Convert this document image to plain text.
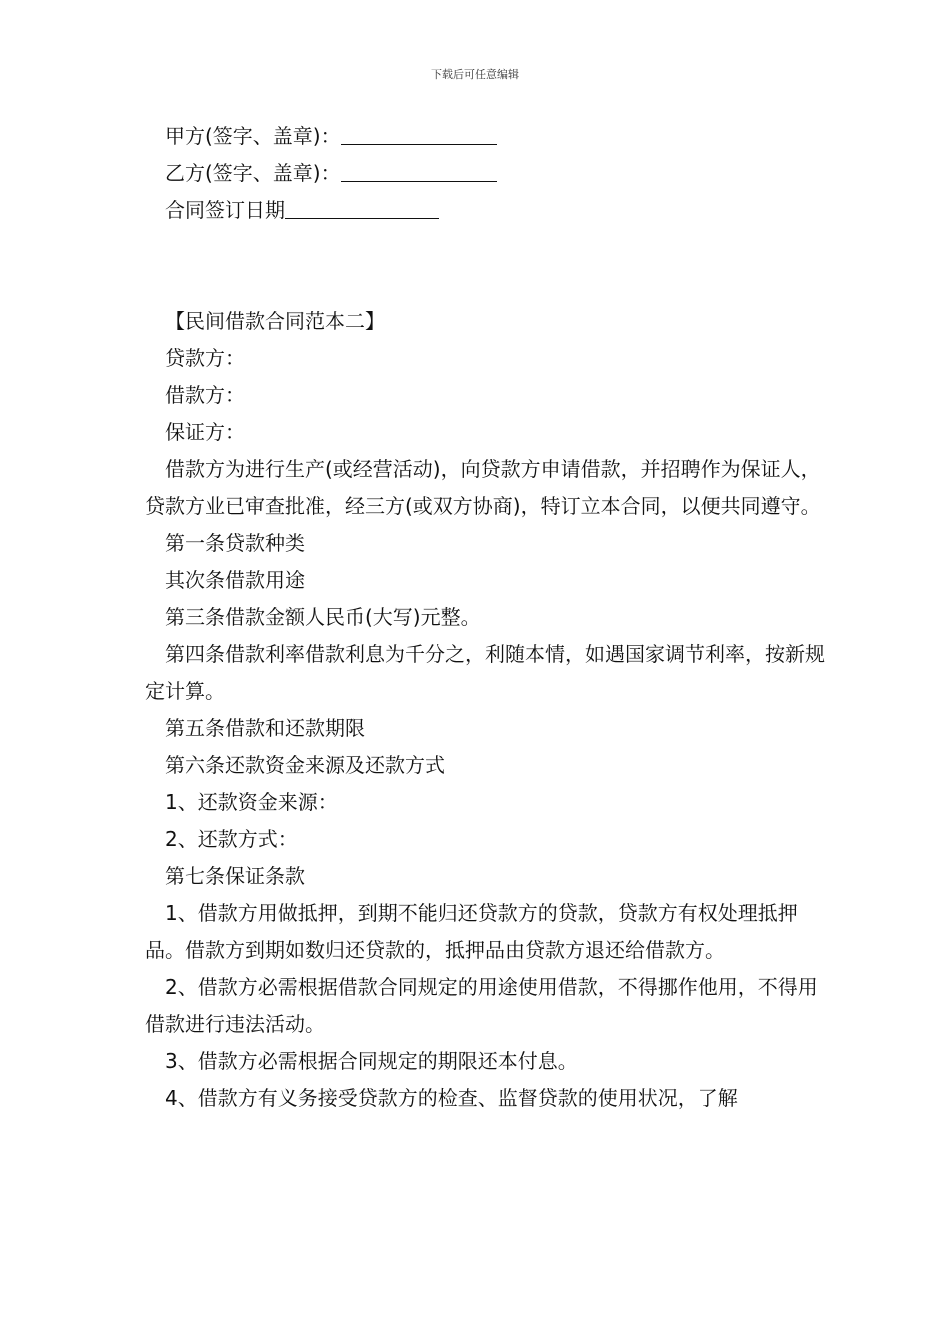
下载后可任意编辑
甲方(签字、盖章)：
乙方(签字、盖章)：
合同签订日期
【民间借款合同范本二】
贷款方：
借款方：
保证方：
借款方为进行生产(或经营活动)，向贷款方申请借款，并招聘作为保证人，贷款方业已审查批准，经三方(或双方协商)，特订立本合同，以便共同遵守。
第一条贷款种类
其次条借款用途
第三条借款金额人民币(大写)元整。
第四条借款利率借款利息为千分之，利随本情，如遇国家调节利率，按新规定计算。
第五条借款和还款期限
第六条还款资金来源及还款方式
1、还款资金来源：
2、还款方式：
第七条保证条款
1、借款方用做抵押，到期不能归还贷款方的贷款，贷款方有权处理抵押品。借款方到期如数归还贷款的，抵押品由贷款方退还给借款方。
2、借款方必需根据借款合同规定的用途使用借款，不得挪作他用，不得用借款进行违法活动。
3、借款方必需根据合同规定的期限还本付息。
4、借款方有义务接受贷款方的检查、监督贷款的使用状况，了解
